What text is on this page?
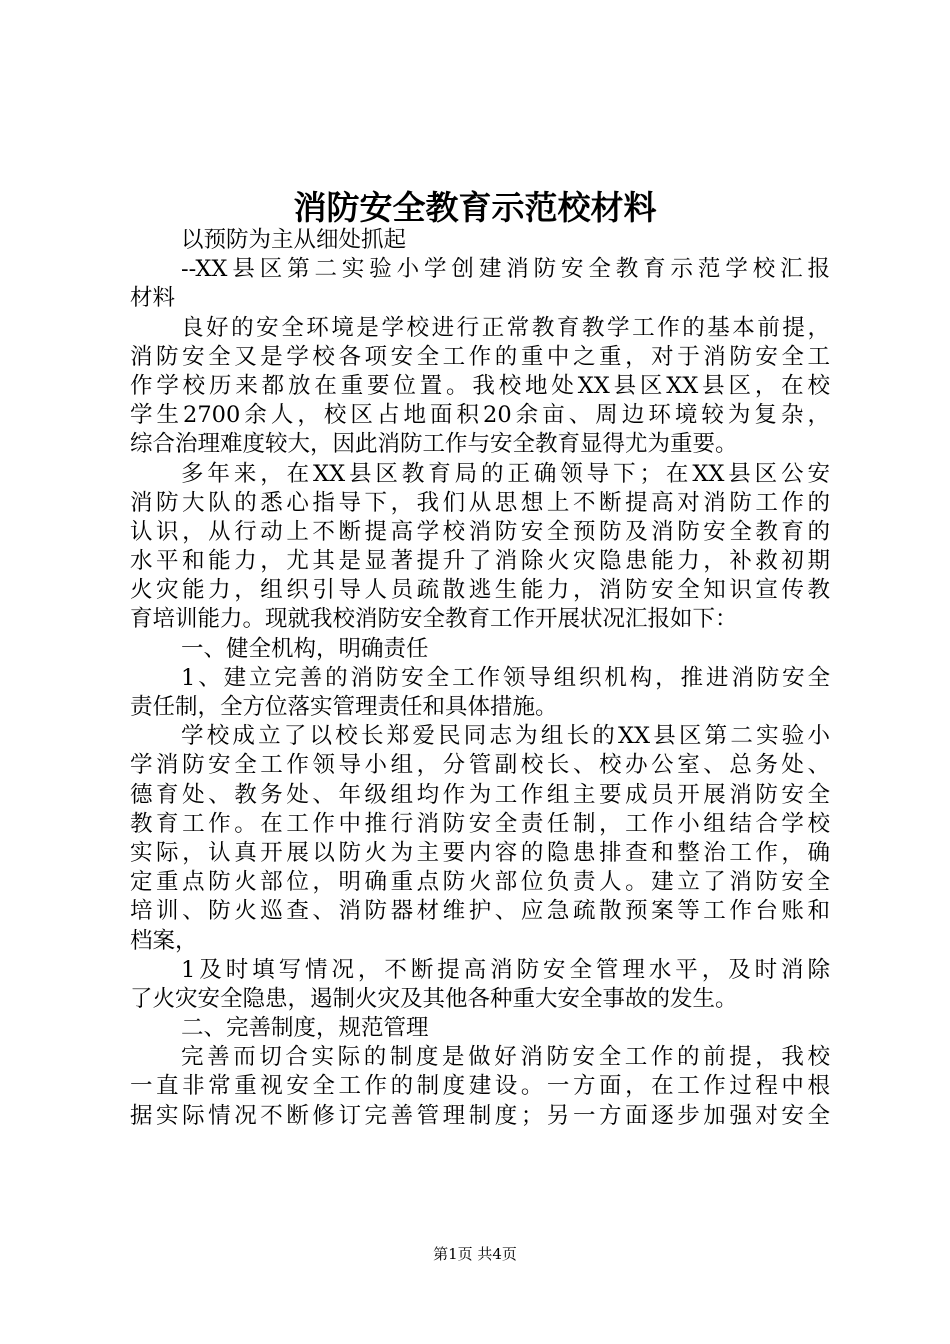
消防安全教育示范校材料
以预防为主从细处抓起
--XX县区第二实验小学创建消防安全教育示范学校汇报
材料
良好的安全环境是学校进行正常教育教学工作的基本前提，
消防安全又是学校各项安全工作的重中之重，对于消防安全工
作学校历来都放在重要位置。我校地处XX县区XX县区，在校
学生2700余人，校区占地面积20余亩、周边环境较为复杂，
综合治理难度较大，因此消防工作与安全教育显得尤为重要。
多年来，在XX县区教育局的正确领导下；在XX县区公安
消防大队的悉心指导下，我们从思想上不断提高对消防工作的
认识，从行动上不断提高学校消防安全预防及消防安全教育的
水平和能力，尤其是显著提升了消除火灾隐患能力，补救初期
火灾能力，组织引导人员疏散逃生能力，消防安全知识宣传教
育培训能力。现就我校消防安全教育工作开展状况汇报如下：
一、健全机构，明确责任
1、建立完善的消防安全工作领导组织机构，推进消防安全
责任制，全方位落实管理责任和具体措施。
学校成立了以校长郑爱民同志为组长的XX县区第二实验小
学消防安全工作领导小组，分管副校长、校办公室、总务处、
德育处、教务处、年级组均作为工作组主要成员开展消防安全
教育工作。在工作中推行消防安全责任制，工作小组结合学校
实际，认真开展以防火为主要内容的隐患排查和整治工作，确
定重点防火部位，明确重点防火部位负责人。建立了消防安全
培训、防火巡查、消防器材维护、应急疏散预案等工作台账和
档案，
1及时填写情况，不断提高消防安全管理水平，及时消除
了火灾安全隐患，遏制火灾及其他各种重大安全事故的发生。
二、完善制度，规范管理
完善而切合实际的制度是做好消防安全工作的前提，我校
一直非常重视安全工作的制度建设。一方面，在工作过程中根
据实际情况不断修订完善管理制度；另一方面逐步加强对安全
第1页 共4页
